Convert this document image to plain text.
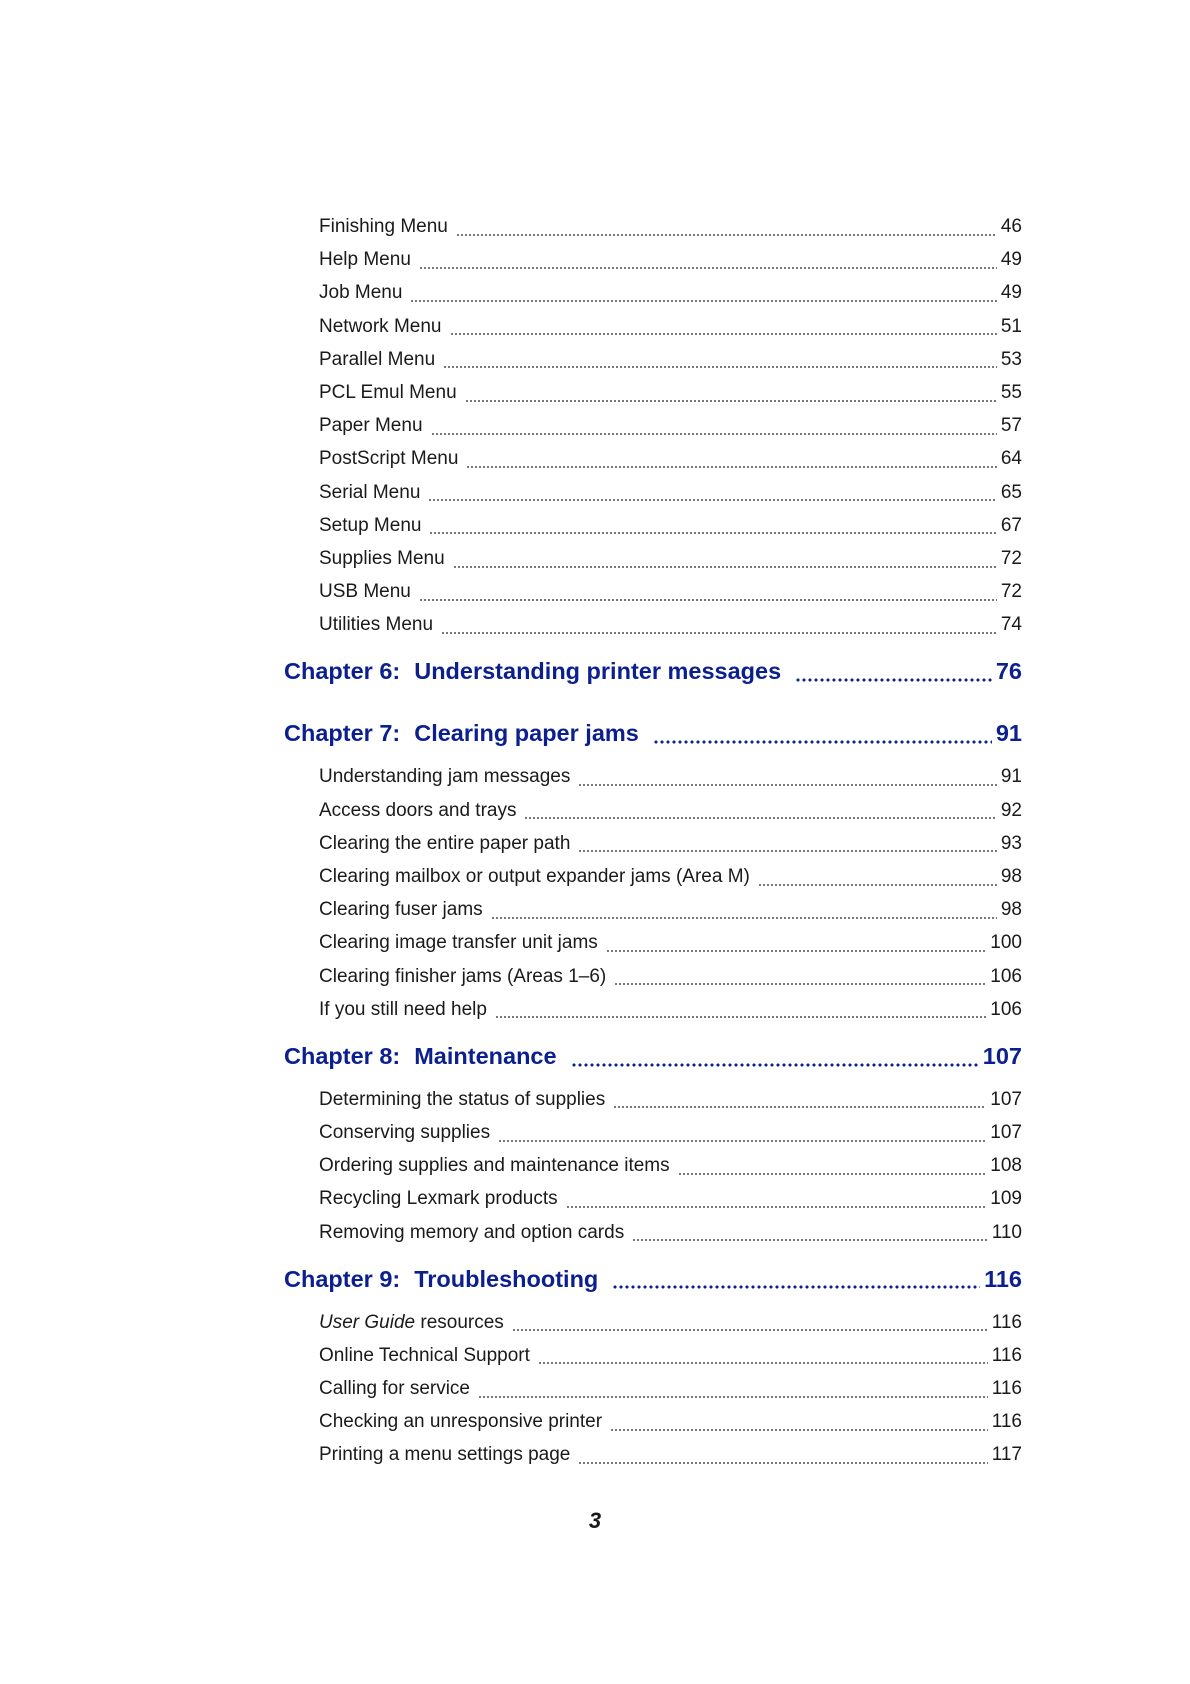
Finishing Menu	46
Help Menu	49
Job Menu	49
Network Menu	51
Parallel Menu	53
PCL Emul Menu	55
Paper Menu	57
PostScript Menu	64
Serial Menu	65
Setup Menu	67
Supplies Menu	72
USB Menu	72
Utilities Menu	74
Chapter 6: Understanding printer messages	76
Chapter 7: Clearing paper jams	91
Understanding jam messages	91
Access doors and trays	92
Clearing the entire paper path	93
Clearing mailbox or output expander jams (Area M)	98
Clearing fuser jams	98
Clearing image transfer unit jams	100
Clearing finisher jams (Areas 1–6)	106
If you still need help	106
Chapter 8: Maintenance	107
Determining the status of supplies	107
Conserving supplies	107
Ordering supplies and maintenance items	108
Recycling Lexmark products	109
Removing memory and option cards	110
Chapter 9: Troubleshooting	116
User Guide resources	116
Online Technical Support	116
Calling for service	116
Checking an unresponsive printer	116
Printing a menu settings page	117
3
